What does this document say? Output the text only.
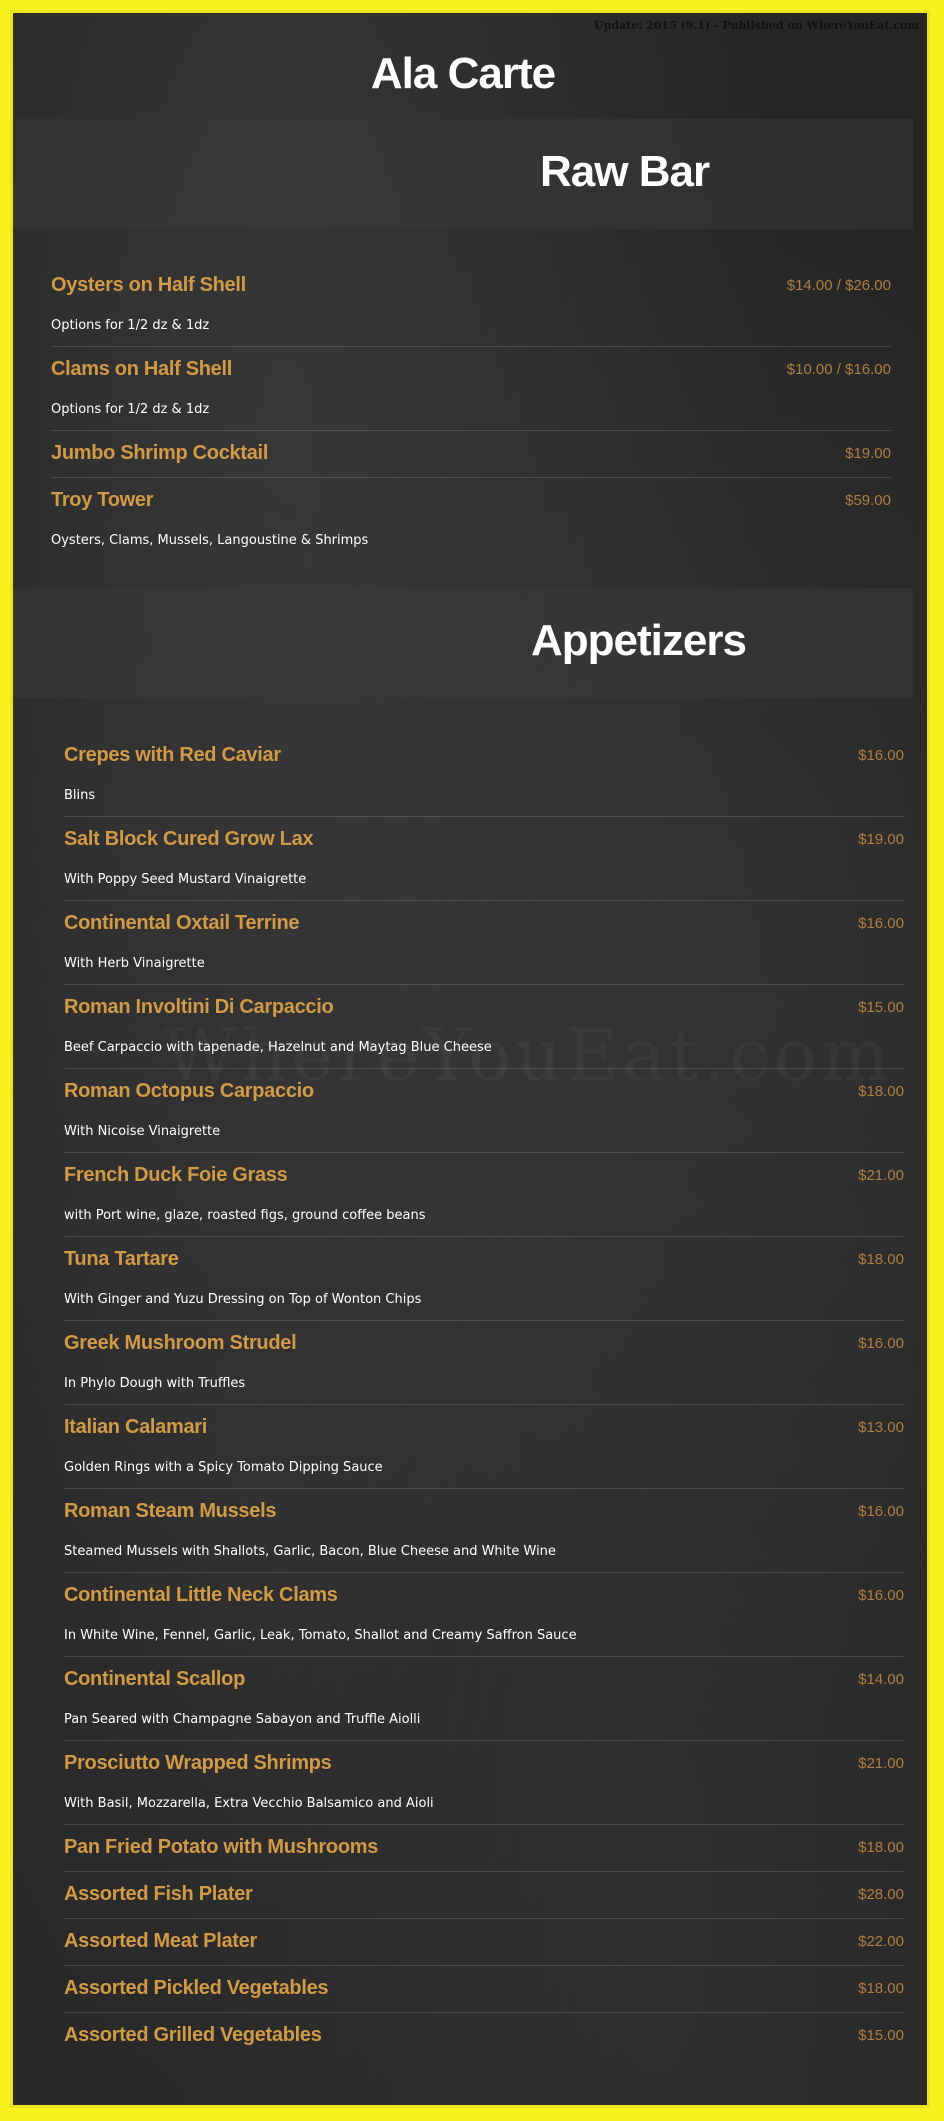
Update: 2015 (9.1) - Published on WhereYouEat.com
Ala Carte
Raw Bar
Oysters on Half Shell	$14.00 / $26.00
Options for 1/2 dz & 1dz
Clams on Half Shell	$10.00 / $16.00
Options for 1/2 dz & 1dz
Jumbo Shrimp Cocktail	$19.00
Troy Tower	$59.00
Oysters, Clams, Mussels, Langoustine & Shrimps
Appetizers
Crepes with Red Caviar	$16.00
Blins
Salt Block Cured Grow Lax	$19.00
With Poppy Seed Mustard Vinaigrette
Continental Oxtail Terrine	$16.00
With Herb Vinaigrette
Roman Involtini Di Carpaccio	$15.00
Beef Carpaccio with tapenade, Hazelnut and Maytag Blue Cheese
Roman Octopus Carpaccio	$18.00
With Nicoise Vinaigrette
French Duck Foie Grass	$21.00
with Port wine, glaze, roasted figs, ground coffee beans
Tuna Tartare	$18.00
With Ginger and Yuzu Dressing on Top of Wonton Chips
Greek Mushroom Strudel	$16.00
In Phylo Dough with Truffles
Italian Calamari	$13.00
Golden Rings with a Spicy Tomato Dipping Sauce
Roman Steam Mussels	$16.00
Steamed Mussels with Shallots, Garlic, Bacon, Blue Cheese and White Wine
Continental Little Neck Clams	$16.00
In White Wine, Fennel, Garlic, Leak, Tomato, Shallot and Creamy Saffron Sauce
Continental Scallop	$14.00
Pan Seared with Champagne Sabayon and Truffle Aiolli
Prosciutto Wrapped Shrimps	$21.00
With Basil, Mozzarella, Extra Vecchio Balsamico and Aioli
Pan Fried Potato with Mushrooms	$18.00
Assorted Fish Plater	$28.00
Assorted Meat Plater	$22.00
Assorted Pickled Vegetables	$18.00
Assorted Grilled Vegetables	$15.00
